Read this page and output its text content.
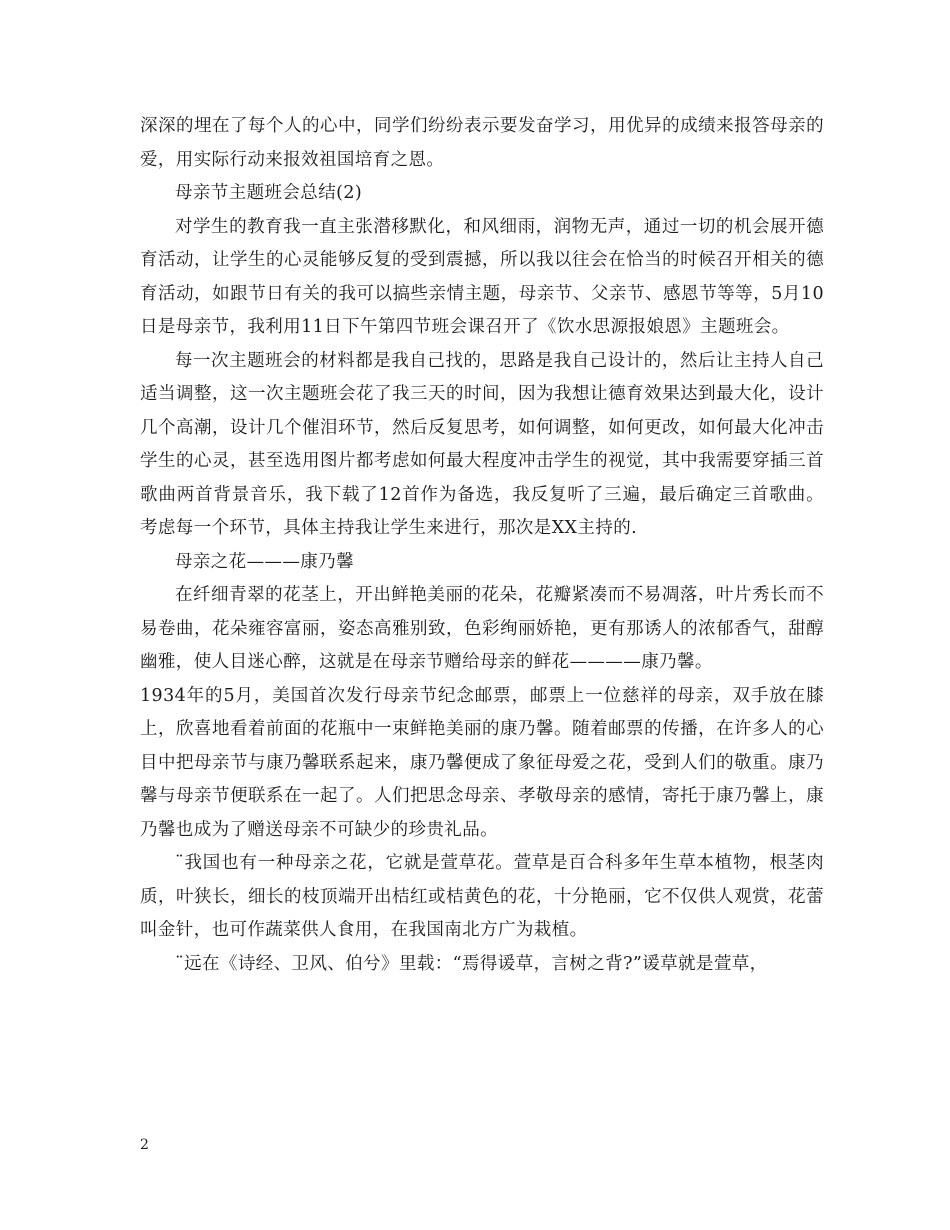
深深的埋在了每个人的心中，同学们纷纷表示要发奋学习，用优异的成绩来报答母亲的爱，用实际行动来报效祖国培育之恩。

母亲节主题班会总结(2)

对学生的教育我一直主张潜移默化，和风细雨，润物无声，通过一切的机会展开德育活动，让学生的心灵能够反复的受到震撼，所以我以往会在恰当的时候召开相关的德育活动，如跟节日有关的我可以搞些亲情主题，母亲节、父亲节、感恩节等等，5月10日是母亲节，我利用11日下午第四节班会课召开了《饮水思源报娘恩》主题班会。

每一次主题班会的材料都是我自己找的，思路是我自己设计的，然后让主持人自己适当调整，这一次主题班会花了我三天的时间，因为我想让德育效果达到最大化，设计几个高潮，设计几个催泪环节，然后反复思考，如何调整，如何更改，如何最大化冲击学生的心灵，甚至选用图片都考虑如何最大程度冲击学生的视觉，其中我需要穿插三首歌曲两首背景音乐，我下载了12首作为备选，我反复听了三遍，最后确定三首歌曲。考虑每一个环节，具体主持我让学生来进行，那次是XX主持的.

母亲之花———康乃馨

在纤细青翠的花茎上，开出鲜艳美丽的花朵，花瓣紧凑而不易凋落，叶片秀长而不易卷曲，花朵雍容富丽，姿态高雅别致，色彩绚丽娇艳，更有那诱人的浓郁香气，甜醇幽雅，使人目迷心醉，这就是在母亲节赠给母亲的鲜花————康乃馨。

1934年的5月，美国首次发行母亲节纪念邮票，邮票上一位慈祥的母亲，双手放在膝上，欣喜地看着前面的花瓶中一束鲜艳美丽的康乃馨。随着邮票的传播，在许多人的心目中把母亲节与康乃馨联系起来，康乃馨便成了象征母爱之花，受到人们的敬重。康乃馨与母亲节便联系在一起了。人们把思念母亲、孝敬母亲的感情，寄托于康乃馨上，康乃馨也成为了赠送母亲不可缺少的珍贵礼品。

¨我国也有一种母亲之花，它就是萱草花。萱草是百合科多年生草本植物，根茎肉质，叶狭长，细长的枝顶端开出桔红或桔黄色的花，十分艳丽，它不仅供人观赏，花蕾叫金针，也可作蔬菜供人食用，在我国南北方广为栽植。

¨远在《诗经、卫风、伯兮》里载：“焉得谖草，言树之背?”谖草就是萱草，

2
